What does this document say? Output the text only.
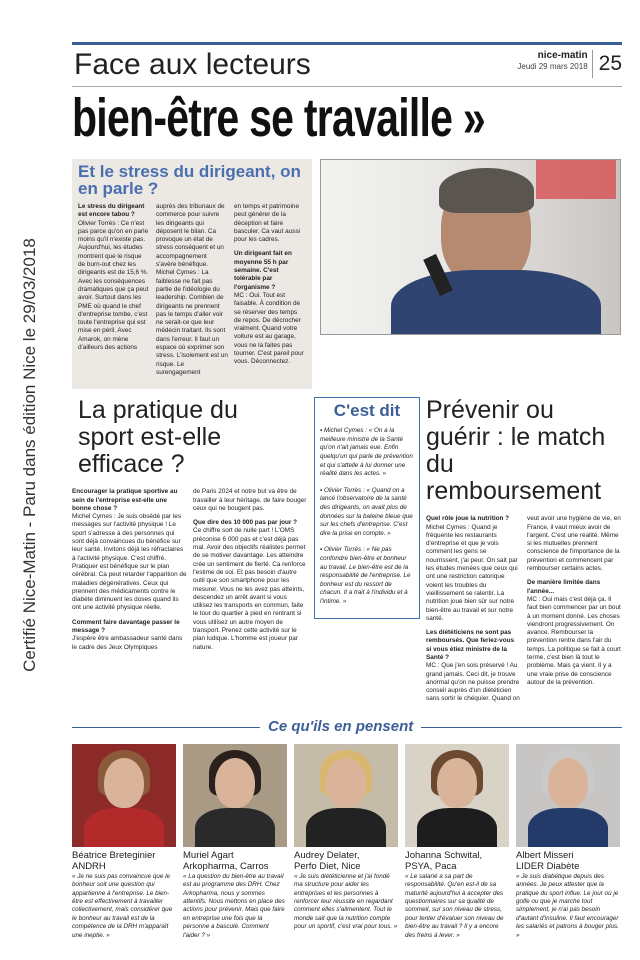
Certifié Nice-Matin - Paru dans édition Nice le 29/03/2018
Face aux lecteurs	nice-matin
Jeudi 29 mars 2018 25
bien-être se travaille »
Et le stress du dirigeant, on en parle ?

Le stress du dirigeant est encore tabou ?
Olivier Torrès : Ce n'est pas parce qu'on en parle moins qu'il n'existe pas. Aujourd'hui, les études montrent que le risque de burn-out chez les dirigeants est de 15,6 %. Avec les conséquences dramatiques que ça peut avoir. Surtout dans les PME où quand le chef d'entreprise tombe, c'est toute l'entreprise qui est mise en péril. Avec Amarok, on mène d'ailleurs des actions

auprès des tribunaux de commerce pour suivre les dirigeants qui déposent le bilan. Ca provoque un état de stress conséquent et un accompagnement s'avère bénéfique. Michel Cymes : La faiblesse ne fait pas partie de l'idéologie du leadership. Combien de dirigeants ne prennent pas le temps d'aller voir ne serait-ce que leur médecin traitant. Ils sont dans l'erreur. Il faut un espace où exprimer son stress. L'isolement est un risque. Le surengagement

en temps et patrimoine peut générer de la déception et faire basculer. Ca vaut aussi pour les cadres.

Un dirigeant fait en moyenne 55 h par semaine. C'est tolérable par l'organisme ?
MC : Oui. Tout est faisable. À condition de se réserver des temps de repos. De décrocher vraiment. Quand votre voiture est au garage, vous ne la faites pas tourner. C'est pareil pour vous. Déconnectez.

La pratique du sport est-elle efficace ?

Encourager la pratique sportive au sein de l'entreprise est-elle une bonne chose ?
Michel Cymes : Je suis obsédé par les messages sur l'activité physique ! Le sport s'adresse à des personnes qui sont déjà convaincues du bénéfice sur leur santé. Invitons déjà les réfractaires à l'activité physique. C'est chiffré. Pratiquer est bénéfique sur le plan cérébral. Ca peut retarder l'apparition de maladies dégénératives. Ceux qui prennent des médicaments contre le diabète diminuent les doses quand ils ont une activité physique réelle.

Comment faire davantage passer le message ?
J'espère être ambassadeur santé dans le cadre des Jeux Olympiques

de Paris 2024 et notre but va être de travailler à leur héritage, de faire bouger ceux qui ne bougent pas.

Que dire des 10 000 pas par jour ?
Ce chiffre sort de nulle part ! L'OMS préconise 6 000 pas et c'est déjà pas mal. Avoir des objectifs réalistes permet de se motiver davantage. Les atteindre crée un sentiment de fierté. Ca renforce l'estime de soi. Et pas besoin d'autre outil que son smartphone pour les mesurer. Vous ne les avez pas atteints, descendez un arrêt avant si vous utilisez les transports en commun, faite le tour du quartier à pied en rentrant si vous utilisez un autre moyen de transport. Prenez cette activité sur le plan ludique. L'homme est joueur par nature.

C'est dit

▪ Michel Cymes : « On a la meilleure ministre de la Santé qu'on n'ait jamais eue. Enfin quelqu'un qui parle de prévention et qui s'attelle à lui donner une réalité dans les actes. »

▪ Olivier Torrès : « Quand on a lancé l'observatoire de la santé des dirigeants, on avait plus de données sur la baleine bleue que sur les chefs d'entreprise. C'est dire la prise en compte. »

▪ Olivier Torrès : « Ne pas confondre bien-être et bonheur au travail. Le bien-être est de la responsabilité de l'entreprise. Le bonheur est du ressort de chacun. Il a trait à l'individu et à l'intime. »

Prévenir ou guérir : le match du remboursement

Quel rôle joue la nutrition ?
Michel Cymes : Quand je fréquente les restaurants d'entreprise et que je vois comment les gens se nourrissent, j'ai peur. On sait par les études menées que ceux qui ont une restriction calorique voient les troubles du vieillissement se ralentir. La nutrition joue bien sûr sur notre bien-être au travail et sur notre santé.

Les diététiciens ne sont pas remboursés. Que feriez-vous si vous étiez ministre de la Santé ?
MC : Que j'en sois préservé ! Au grand jamais. Ceci dit, je trouve anormal qu'on ne puisse prendre conseil auprès d'un diététicien sans sortir le chéquier. Quand on

veut avoir une hygiène de vie, en France, il vaut mieux avoir de l'argent. C'est une réalité. Même si les mutuelles prennent conscience de l'importance de la prévention et commencent par rembourser certains actes.

De manière limitée dans l'année...
MC : Oui mais c'est déjà ça. Il faut bien commencer par un bout à un moment donné. Les choses viendront progressivement. On avance. Rembourser la prévention rentre dans l'air du temps. La politique se fait à court terme, c'est bien là tout le problème. Mais ça vient. Il y a une vraie prise de conscience autour de la prévention.

Ce qu'ils en pensent
Béatrice Breteginier
ANDRH
« Je ne suis pas convaincue que le bonheur soit une question qui appartienne à l'entreprise. Le bien-être est effectivement à travailler collectivement, mais considérer que le bonheur au travail est de la compétence de la DRH m'apparaît une ineptie. »
Muriel Agart
Arkopharma, Carros
« La question du bien-être au travail est au programme des DRH. Chez Arkopharma, nous y sommes attentifs. Nous mettons en place des actions pour prévenir. Mais que faire en entreprise une fois que la personne a basculé. Comment l'aider ? »
Audrey Delater,
Perfo Diet, Nice
« Je suis diététicienne et j'ai fondé ma structure pour aider les entreprises et les personnes à renforcer leur réussite en regardant comment elles s'alimentent. Tout le monde sait que la nutrition compte pour un sportif, c'est vrai pour tous. »
Johanna Schwital,
PSYA, Paca
« Le salarié a sa part de responsabilité. Qu'en est-il de sa maturité aujourd'hui à accepter des questionnaires sur sa qualité de sommeil, sur son niveau de stress, pour tenter d'évaluer son niveau de bien-être au travail ? Il y a encore des freins à lever. »
Albert Misseri
LIDER Diabète
« Je suis diabétique depuis des années. Je peux attester que la pratique du sport influe. Le jour où je golfe ou que je marche tout simplement, je n'ai pas besoin d'autant d'insuline. Il faut encourager les salariés et patrons à bouger plus. »
